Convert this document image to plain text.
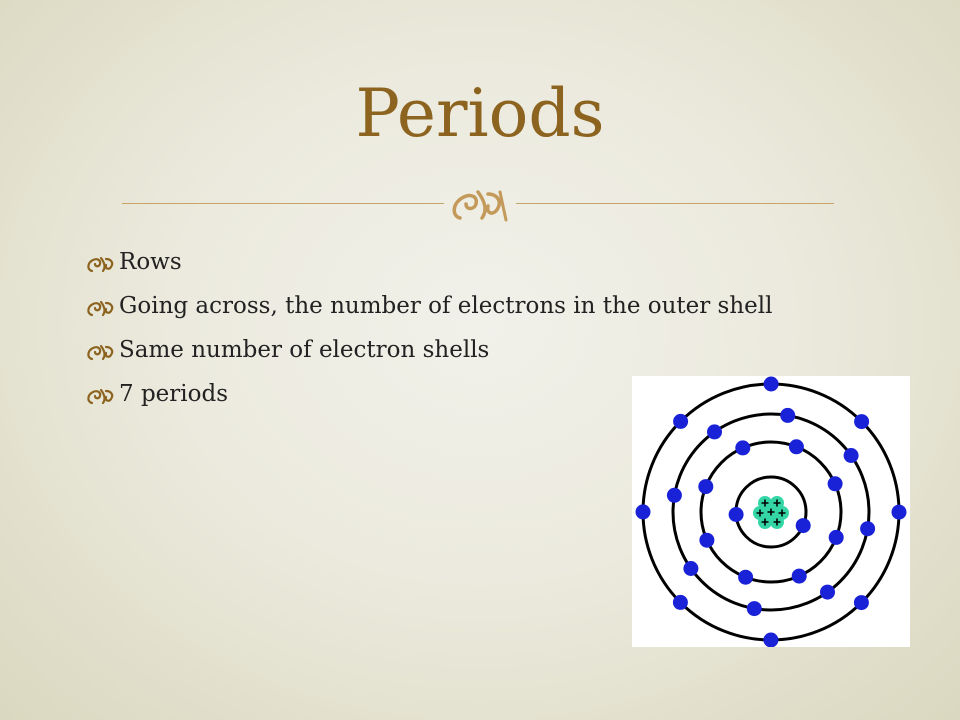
Periods
Rows
Going across, the number of electrons in the outer shell
Same number of electron shells
7 periods
